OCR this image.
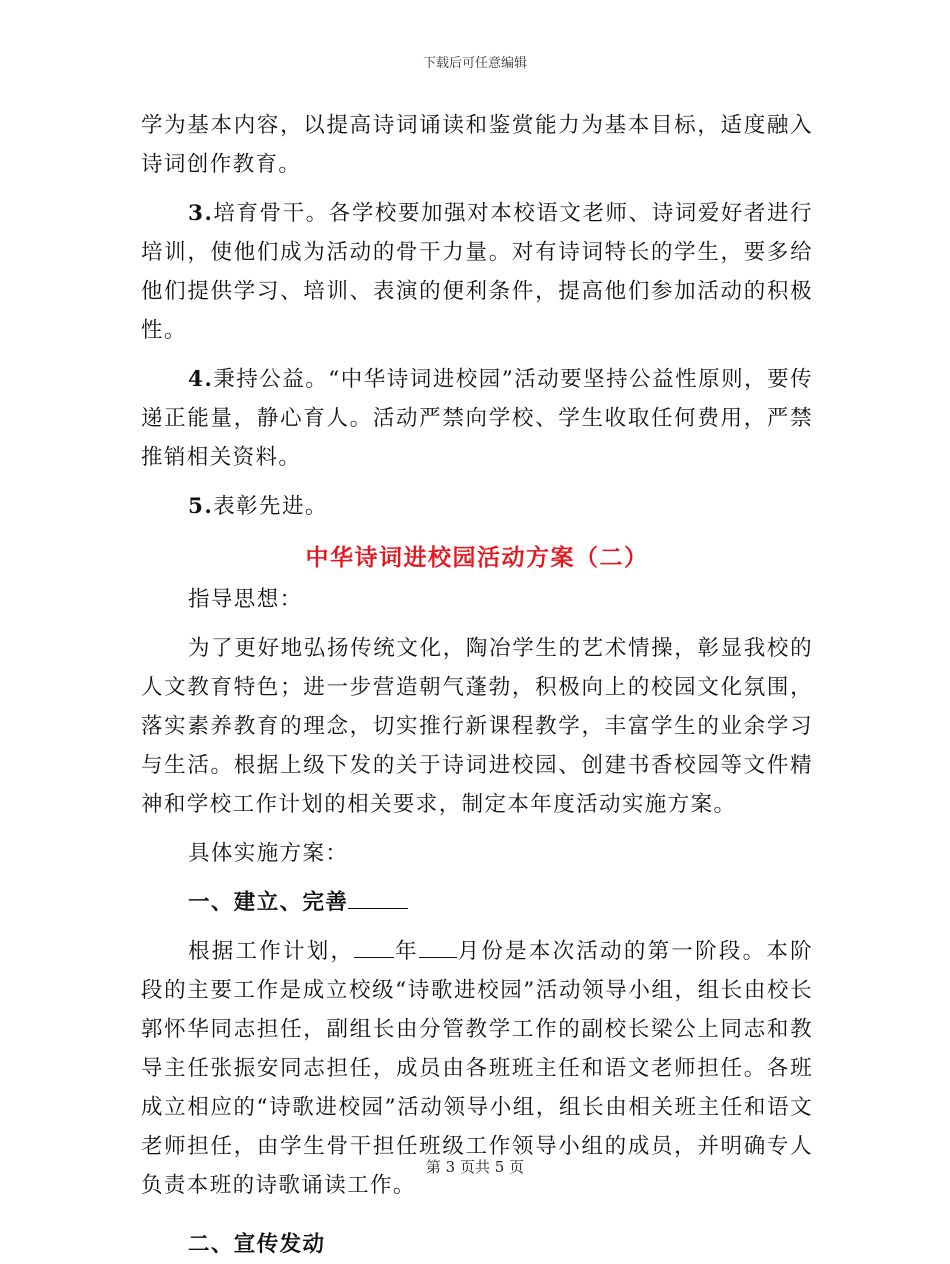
下载后可任意编辑

学为基本内容，以提高诗词诵读和鉴赏能力为基本目标，适度融入诗词创作教育。

3.培育骨干。各学校要加强对本校语文老师、诗词爱好者进行培训，使他们成为活动的骨干力量。对有诗词特长的学生，要多给他们提供学习、培训、表演的便利条件，提高他们参加活动的积极性。

4.秉持公益。“中华诗词进校园”活动要坚持公益性原则，要传递正能量，静心育人。活动严禁向学校、学生收取任何费用，严禁推销相关资料。

5.表彰先进。

中华诗词进校园活动方案（二）

指导思想：

为了更好地弘扬传统文化，陶冶学生的艺术情操，彰显我校的人文教育特色；进一步营造朝气蓬勃，积极向上的校园文化氛围，落实素养教育的理念，切实推行新课程教学，丰富学生的业余学习与生活。根据上级下发的关于诗词进校园、创建书香校园等文件精神和学校工作计划的相关要求，制定本年度活动实施方案。

具体实施方案：

一、建立、完善

根据工作计划， 年 月份是本次活动的第一阶段。本阶段的主要工作是成立校级“诗歌进校园”活动领导小组，组长由校长郭怀华同志担任，副组长由分管教学工作的副校长梁公上同志和教导主任张振安同志担任，成员由各班班主任和语文老师担任。各班成立相应的“诗歌进校园”活动领导小组，组长由相关班主任和语文老师担任，由学生骨干担任班级工作领导小组的成员，并明确专人负责本班的诗歌诵读工作。

二、宣传发动

第 3 页共 5 页
